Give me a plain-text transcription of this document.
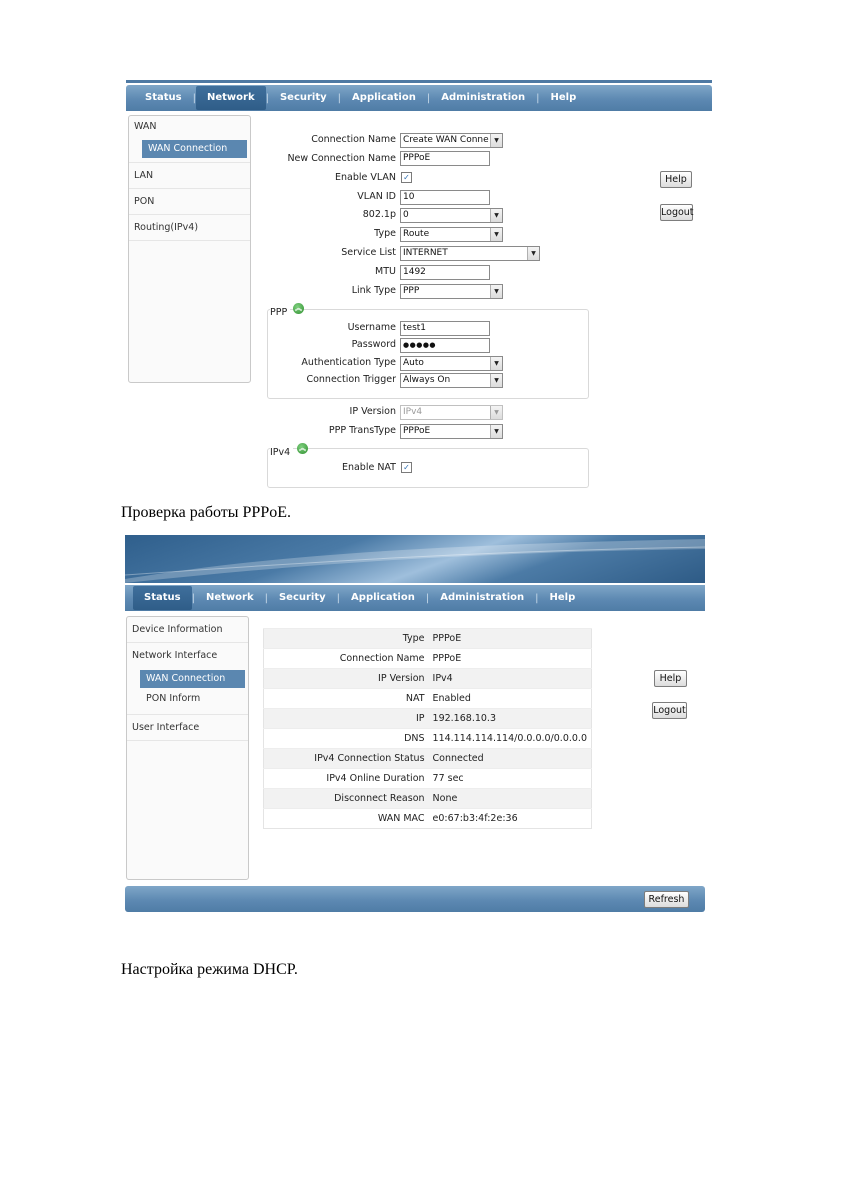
Status	|	Network	|	Security	|	Application	|	Administration	|	Help
WAN
WAN Connection
LAN
PON
Routing(IPv4)
Connection Name Create WAN Conne ▼
New Connection Name PPPoE
Enable VLAN ✓
VLAN ID 10
802.1p 0	▼
Type Route	▼
Service List INTERNET	▼
MTU 1492
Link Type PPP	▼
PPP	︽
Username test1
Password	●●●●●
Authentication Type Auto	▼
Connection Trigger Always On	▼
IP Version IPv4	▼
PPP TransType PPPoE	▼
IPv4	︽
Enable NAT ✓
Help
Logout
Проверка работы PPPoE.
Status	|	Network	|	Security	|	Application	|	Administration	|	Help
Device Information
Network Interface
WAN Connection
PON Inform
User Interface
Type	PPPoE
Connection Name	PPPoE
IP Version	IPv4
NAT	Enabled
IP	192.168.10.3
DNS	114.114.114.114/0.0.0.0/0.0.0.0
IPv4 Connection Status	Connected
IPv4 Online Duration	77 sec
Disconnect Reason	None
WAN MAC	e0:67:b3:4f:2e:36
Help
Logout
Refresh
Настройка режима DHCP.
